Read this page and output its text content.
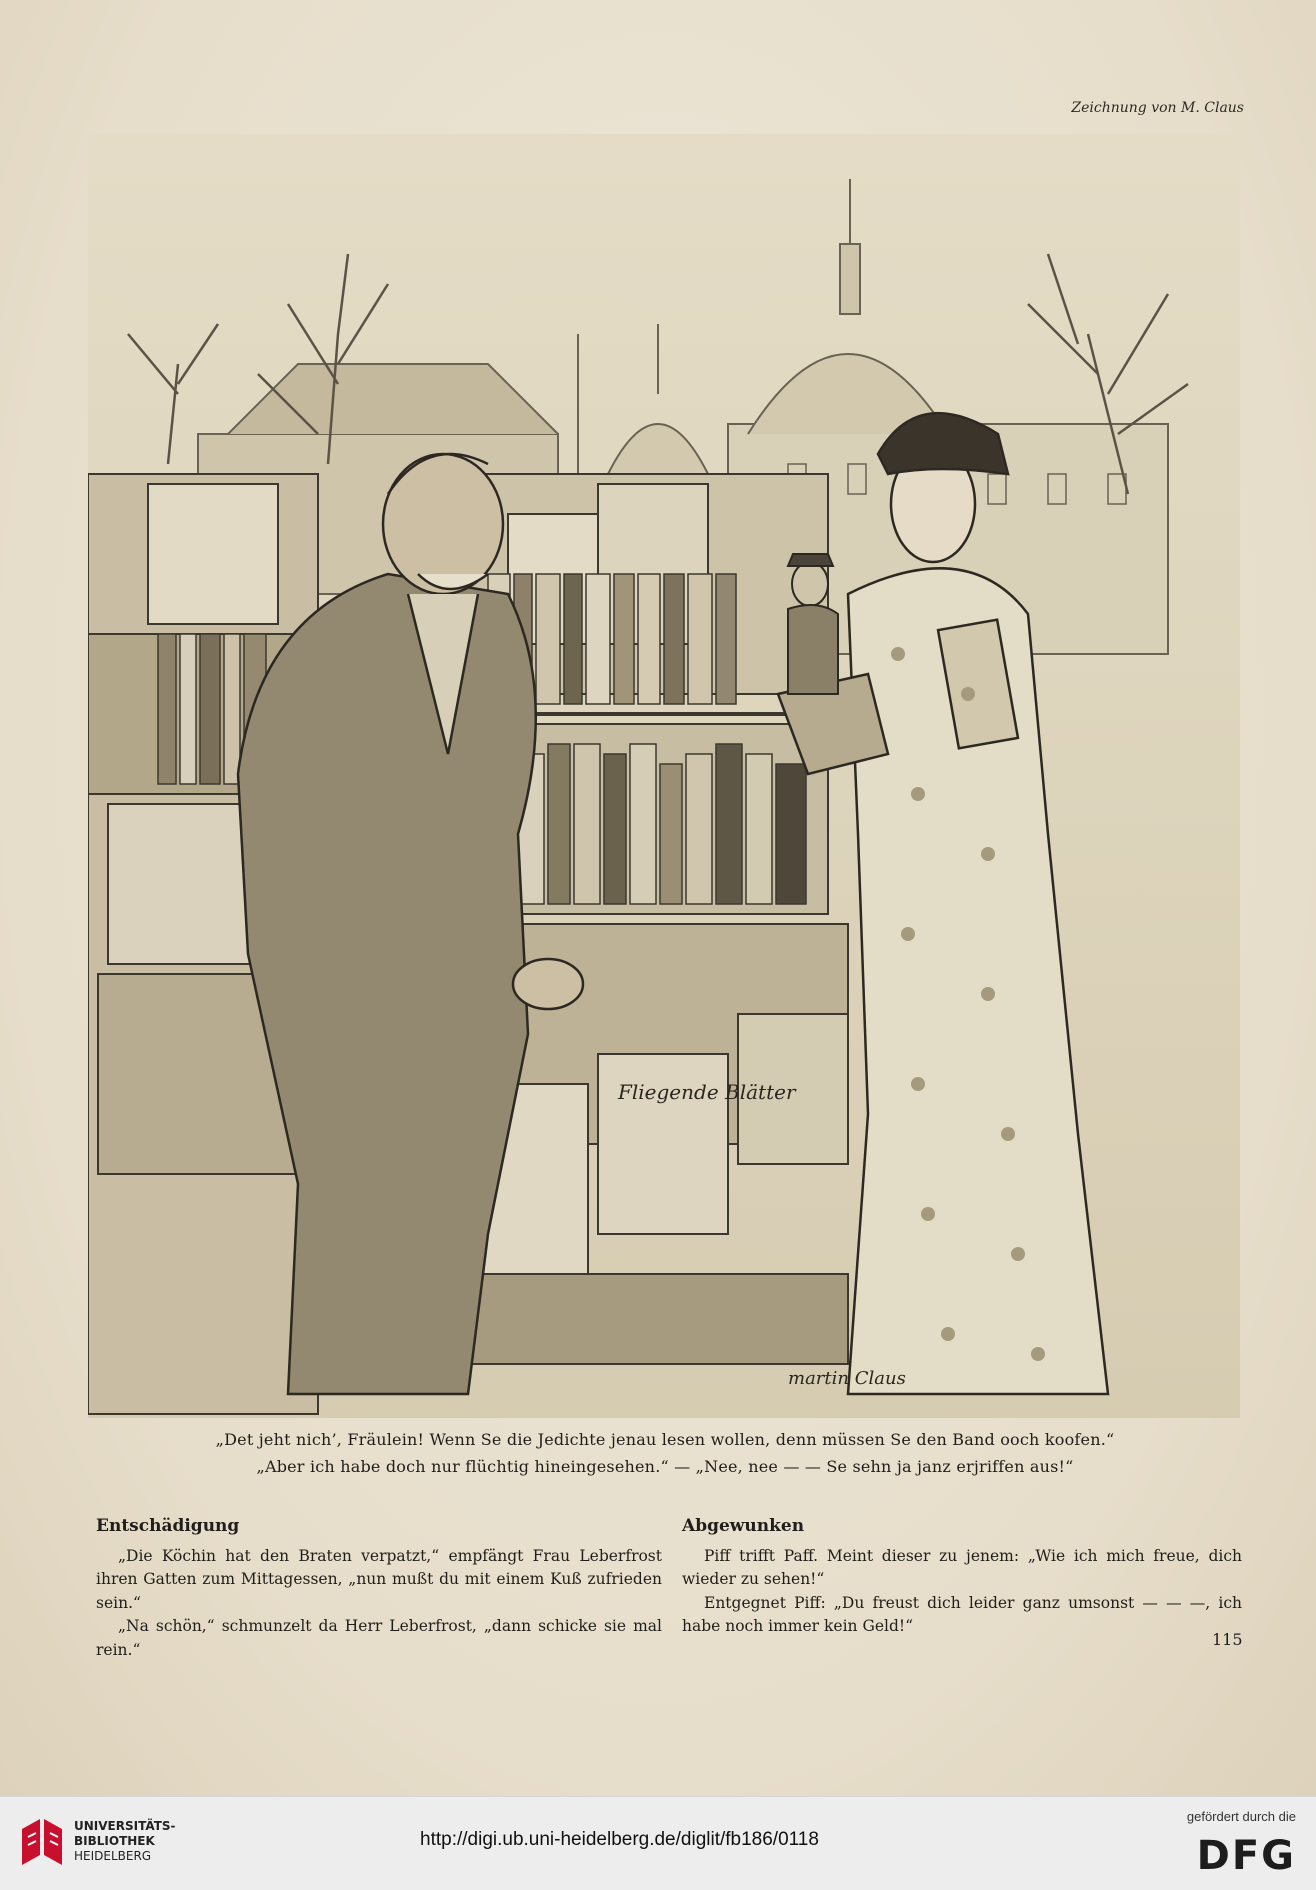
Zeichnung von M. Claus
Fliegende Blätter
martin Claus
„Det jeht nich’, Fräulein! Wenn Se die Jedichte jenau lesen wollen, denn müssen Se den Band ooch koofen.“
„Aber ich habe doch nur flüchtig hineingesehen.“ — „Nee, nee — — Se sehn ja janz erjriffen aus!“
Entschädigung

„Die Köchin hat den Braten verpatzt,“ empfängt Frau Leberfrost ihren Gatten zum Mittagessen, „nun mußt du mit einem Kuß zufrieden sein.“

„Na schön,“ schmunzelt da Herr Leberfrost, „dann schicke sie mal rein.“

Abgewunken

Piff trifft Paff. Meint dieser zu jenem: „Wie ich mich freue, dich wieder zu sehen!“

Entgegnet Piff: „Du freust dich leider ganz umsonst — — —, ich habe noch immer kein Geld!“

115
UNIVERSITÄTS-
BIBLIOTHEK
HEIDELBERG
http://digi.ub.uni-heidelberg.de/diglit/fb186/0118
gefördert durch die
DFG
